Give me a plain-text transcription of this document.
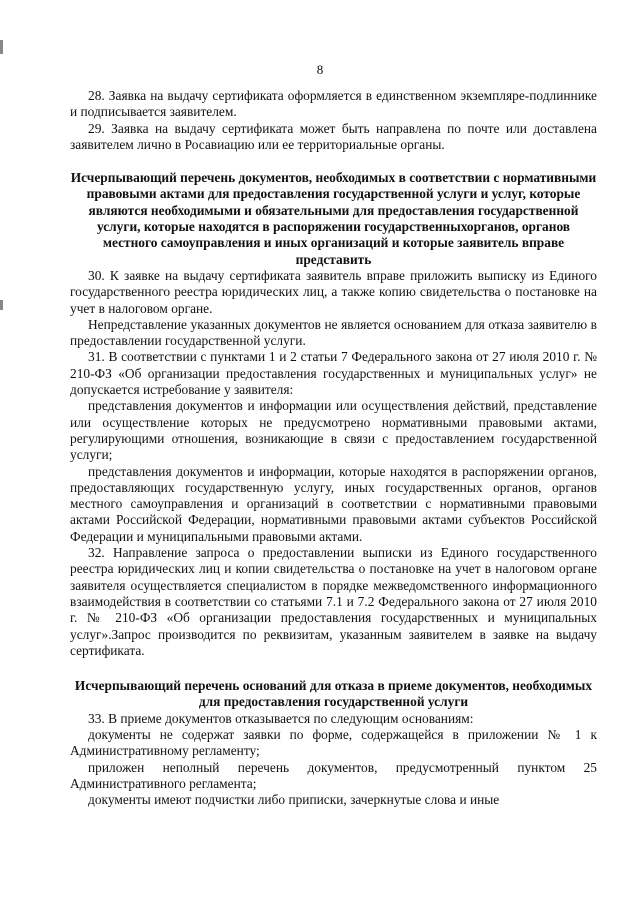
8

28. Заявка на выдачу сертификата оформляется в единственном экземпляре-подлиннике и подписывается заявителем.

29. Заявка на выдачу сертификата может быть направлена по почте или доставлена заявителем лично в Росавиацию или ее территориальные органы.

Исчерпывающий перечень документов, необходимых в соответствии с нормативными правовыми актами для предоставления государственной услуги и услуг, которые являются необходимыми и обязательными для предоставления государственной услуги, которые находятся в распоряжении государственныхорганов, органов местного самоуправления и иных организаций и которые заявитель вправе представить

30. К заявке на выдачу сертификата заявитель вправе приложить выписку из Единого государственного реестра юридических лиц, а также копию свидетельства о постановке на учет в налоговом органе.

Непредставление указанных документов не является основанием для отказа заявителю в предоставлении государственной услуги.

31. В соответствии с пунктами 1 и 2 статьи 7 Федерального закона от 27 июля 2010 г. № 210-ФЗ «Об организации предоставления государственных и муниципальных услуг» не допускается истребование у заявителя:

представления документов и информации или осуществления действий, представление или осуществление которых не предусмотрено нормативными правовыми актами, регулирующими отношения, возникающие в связи с предоставлением государственной услуги;

представления документов и информации, которые находятся в распоряжении органов, предоставляющих государственную услугу, иных государственных органов, органов местного самоуправления и организаций в соответствии с нормативными правовыми актами Российской Федерации, нормативными правовыми актами субъектов Российской Федерации и муниципальными правовыми актами.

32. Направление запроса о предоставлении выписки из Единого государственного реестра юридических лиц и копии свидетельства о постановке на учет в налоговом органе заявителя осуществляется специалистом в порядке межведомственного информационного взаимодействия в соответствии со статьями 7.1 и 7.2 Федерального закона от 27 июля 2010 г. № 210-ФЗ «Об организации предоставления государственных и муниципальных услуг».Запрос производится по реквизитам, указанным заявителем в заявке на выдачу сертификата.

Исчерпывающий перечень оснований для отказа в приеме документов, необходимых для предоставления государственной услуги

33. В приеме документов отказывается по следующим основаниям:

документы не содержат заявки по форме, содержащейся в приложении № 1 к Административному регламенту;

приложен неполный перечень документов, предусмотренный пунктом 25 Административного регламента;

документы имеют подчистки либо приписки, зачеркнутые слова и иные
